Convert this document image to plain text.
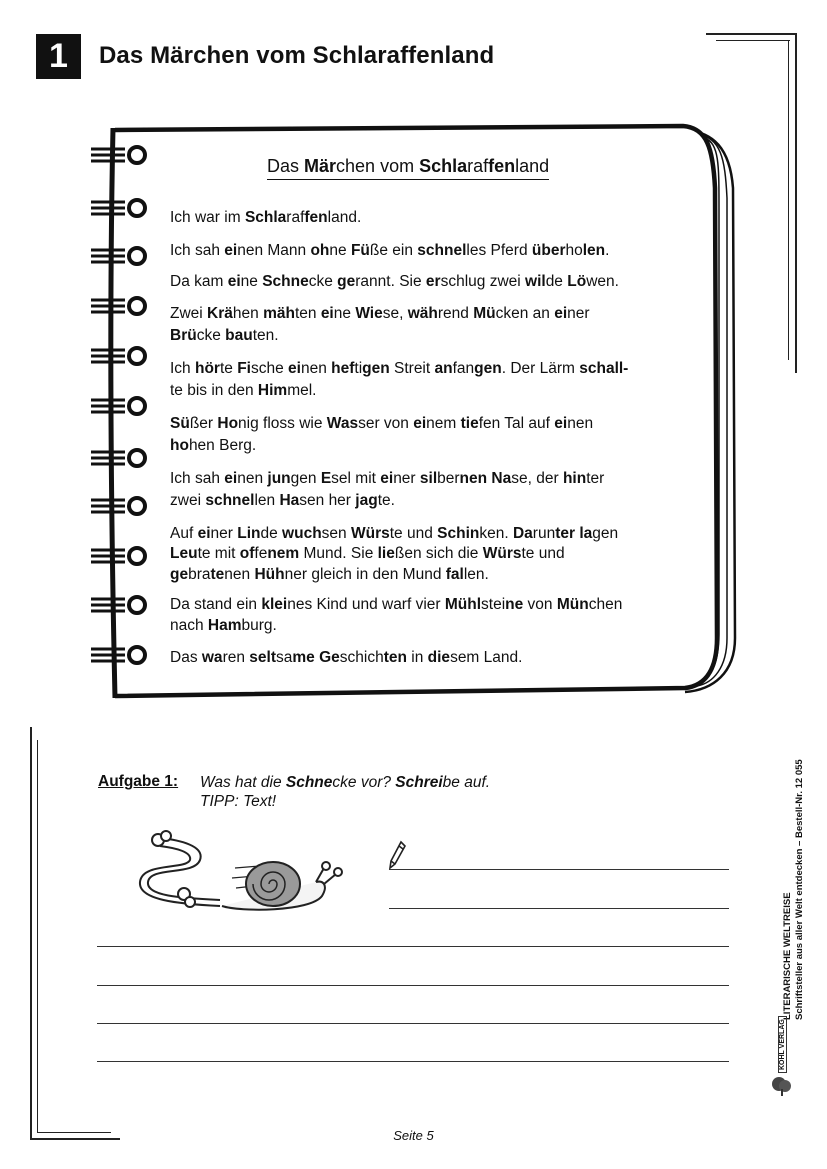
1	Das Märchen vom Schlaraffenland
Das Märchen vom Schlaraffenland
Ich war im Schlaraffenland.
Ich sah einen Mann ohne Füße ein schnelles Pferd überholen.
Da kam eine Schnecke gerannt. Sie erschlug zwei wilde Löwen.
Zwei Krähen mähten eine Wiese, während Mücken an einer
Brücke bauten.
Ich hörte Fische einen heftigen Streit anfangen. Der Lärm schall-
te bis in den Himmel.
Süßer Honig floss wie Wasser von einem tiefen Tal auf einen
hohen Berg.
Ich sah einen jungen Esel mit einer silbernen Nase, der hinter
zwei schnellen Hasen her jagte.
Auf einer Linde wuchsen Würste und Schinken. Darunter lagen
Leute mit offenem Mund. Sie ließen sich die Würste und
gebratenen Hühner gleich in den Mund fallen.
Da stand ein kleines Kind und warf vier Mühlsteine von München
nach Hamburg.
Das waren seltsame Geschichten in diesem Land.
Aufgabe 1: Was hat die Schnecke vor? Schreibe auf.
TIPP: Text!
LITERARISCHE WELTREISE Schriftsteller aus aller Welt entdecken – Bestell-Nr. 12 055
KOHL VERLAG
Seite 5
